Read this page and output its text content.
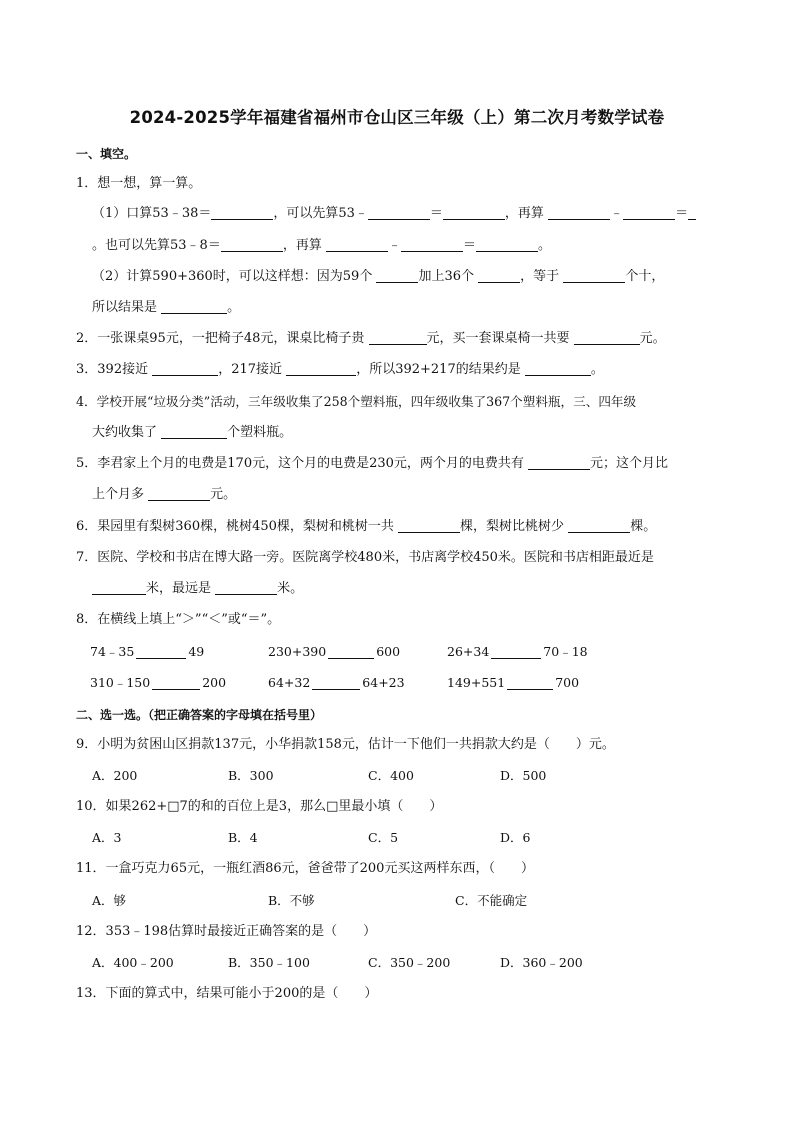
2024-2025学年福建省福州市仓山区三年级（上）第二次月考数学试卷
一、填空。
1．想一想，算一算。
（1）口算53﹣38＝	，可以先算53﹣	＝	，再算	﹣	＝
。也可以先算53﹣8＝	，再算	﹣	＝	。
（2）计算590+360时，可以这样想：因为59个	加上36个	，等于	个十，
所以结果是	。
2．一张课桌95元，一把椅子48元，课桌比椅子贵	元，买一套课桌椅一共要	元。
3．392接近	，217接近	，所以392+217的结果约是	。
4．学校开展“垃圾分类”活动，三年级收集了258个塑料瓶，四年级收集了367个塑料瓶，三、四年级
大约收集了	个塑料瓶。
5．李君家上个月的电费是170元，这个月的电费是230元，两个月的电费共有	元；这个月比
上个月多	元。
6．果园里有梨树360棵，桃树450棵，梨树和桃树一共	棵，梨树比桃树少	棵。
7．医院、学校和书店在博大路一旁。医院离学校480米，书店离学校450米。医院和书店相距最近是
米，最远是	米。
8．在横线上填上“＞”“＜”或“＝”。
74﹣35	49	230+390	600	26+34	70﹣18
310﹣150	200	64+32	64+23	149+551	700
二、选一选。（把正确答案的字母填在括号里）
9．小明为贫困山区捐款137元，小华捐款158元，估计一下他们一共捐款大约是（　　）元。
A．200	B．300	C．400	D．500
10．如果262+□7的和的百位上是3，那么□里最小填（　　）
A．3	B．4	C．5	D．6
11．一盒巧克力65元，一瓶红酒86元，爸爸带了200元买这两样东西，（　　）
A．够	B．不够	C．不能确定
12．353﹣198估算时最接近正确答案的是（　　）
A．400﹣200	B．350﹣100	C．350﹣200	D．360﹣200
13．下面的算式中，结果可能小于200的是（　　）
